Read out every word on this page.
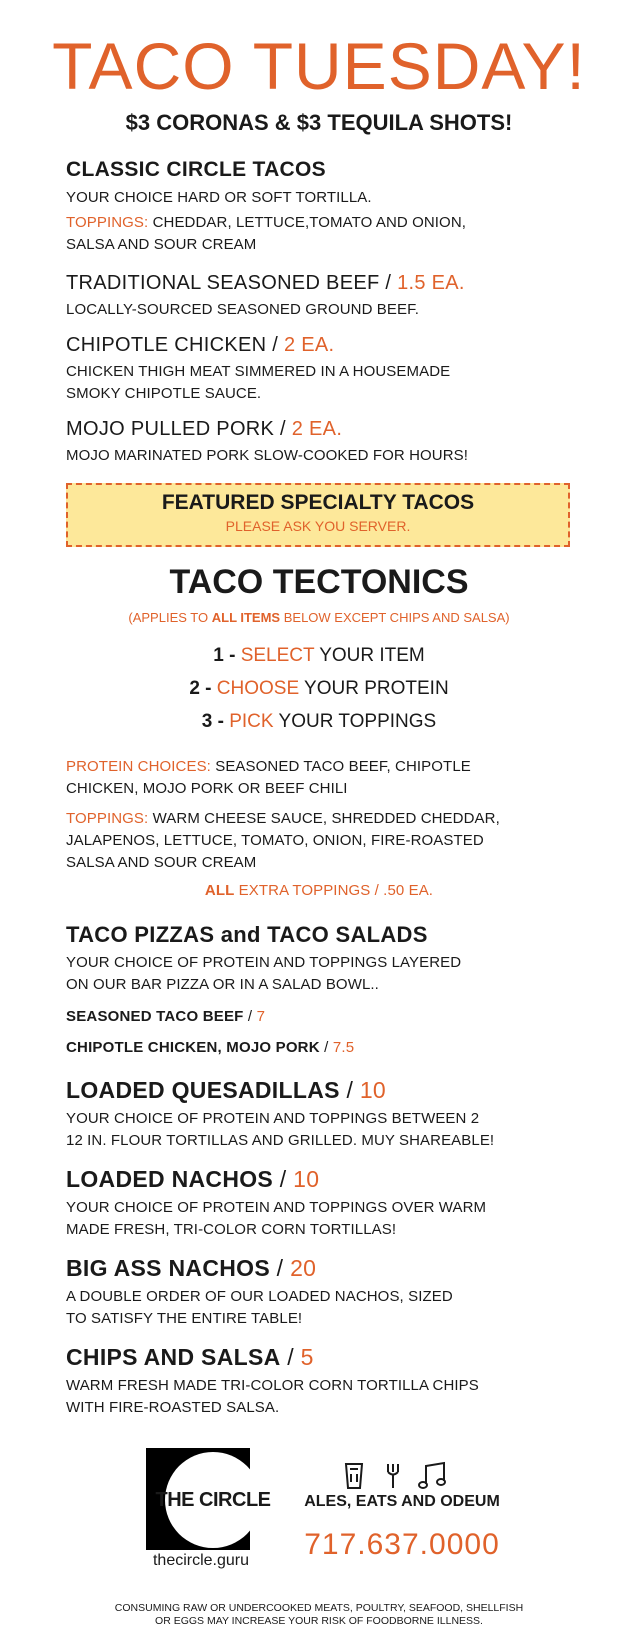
TACO TUESDAY!
$3 CORONAS & $3 TEQUILA SHOTS!
CLASSIC CIRCLE TACOS
YOUR CHOICE HARD OR SOFT TORTILLA.
TOPPINGS: CHEDDAR, LETTUCE,TOMATO AND ONION,
SALSA AND SOUR CREAM
TRADITIONAL SEASONED BEEF / 1.5 EA.
LOCALLY-SOURCED SEASONED GROUND BEEF.
CHIPOTLE CHICKEN / 2 EA.
CHICKEN THIGH MEAT SIMMERED IN A HOUSEMADE
SMOKY CHIPOTLE SAUCE.
MOJO PULLED PORK / 2 EA.
MOJO MARINATED PORK SLOW-COOKED FOR HOURS!
FEATURED SPECIALTY TACOS
PLEASE ASK YOU SERVER.
TACO TECTONICS
(APPLIES TO ALL ITEMS BELOW EXCEPT CHIPS AND SALSA)
1 - SELECT YOUR ITEM
2 - CHOOSE YOUR PROTEIN
3 - PICK YOUR TOPPINGS
PROTEIN CHOICES: SEASONED TACO BEEF, CHIPOTLE
CHICKEN, MOJO PORK OR BEEF CHILI
TOPPINGS: WARM CHEESE SAUCE, SHREDDED CHEDDAR,
JALAPENOS, LETTUCE, TOMATO, ONION, FIRE-ROASTED
SALSA AND SOUR CREAM
ALL EXTRA TOPPINGS / .50 EA.
TACO PIZZAS and TACO SALADS
YOUR CHOICE OF PROTEIN AND TOPPINGS LAYERED
ON OUR BAR PIZZA OR IN A SALAD BOWL..
SEASONED TACO BEEF / 7
CHIPOTLE CHICKEN, MOJO PORK / 7.5
LOADED QUESADILLAS / 10
YOUR CHOICE OF PROTEIN AND TOPPINGS BETWEEN 2
12 IN. FLOUR TORTILLAS AND GRILLED. MUY SHAREABLE!
LOADED NACHOS / 10
YOUR CHOICE OF PROTEIN AND TOPPINGS OVER WARM
MADE FRESH, TRI-COLOR CORN TORTILLAS!
BIG ASS NACHOS / 20
A DOUBLE ORDER OF OUR LOADED NACHOS, SIZED
TO SATISFY THE ENTIRE TABLE!
CHIPS AND SALSA / 5
WARM FRESH MADE TRI-COLOR CORN TORTILLA CHIPS
WITH FIRE-ROASTED SALSA.
THE CIRCLE
thecircle.guru
ALES, EATS AND ODEUM
717.637.0000
CONSUMING RAW OR UNDERCOOKED MEATS, POULTRY, SEAFOOD, SHELLFISH
OR EGGS MAY INCREASE YOUR RISK OF FOODBORNE ILLNESS.
